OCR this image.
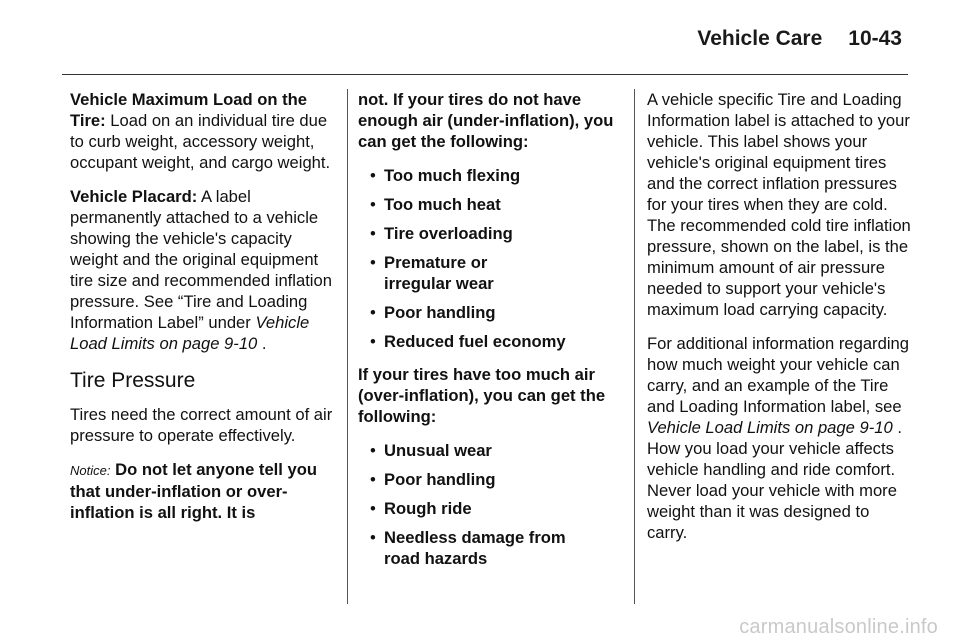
Vehicle Care 10-43

Vehicle Maximum Load on the Tire: Load on an individual tire due to curb weight, accessory weight, occupant weight, and cargo weight.

Vehicle Placard: A label permanently attached to a vehicle showing the vehicle's capacity weight and the original equipment tire size and recommended inflation pressure. See “Tire and Loading Information Label” under Vehicle Load Limits on page 9-10 .

Tire Pressure

Tires need the correct amount of air pressure to operate effectively.

Notice: Do not let anyone tell you that under-inflation or over-inflation is all right. It is

not. If your tires do not have enough air (under-inflation), you can get the following:

• Too much flexing
• Too much heat
• Tire overloading
• Premature or irregular wear
• Poor handling
• Reduced fuel economy

If your tires have too much air (over-inflation), you can get the following:

• Unusual wear
• Poor handling
• Rough ride
• Needless damage from road hazards

A vehicle specific Tire and Loading Information label is attached to your vehicle. This label shows your vehicle's original equipment tires and the correct inflation pressures for your tires when they are cold. The recommended cold tire inflation pressure, shown on the label, is the minimum amount of air pressure needed to support your vehicle's maximum load carrying capacity.

For additional information regarding how much weight your vehicle can carry, and an example of the Tire and Loading Information label, see Vehicle Load Limits on page 9-10 . How you load your vehicle affects vehicle handling and ride comfort. Never load your vehicle with more weight than it was designed to carry.

carmanualsonline.info
